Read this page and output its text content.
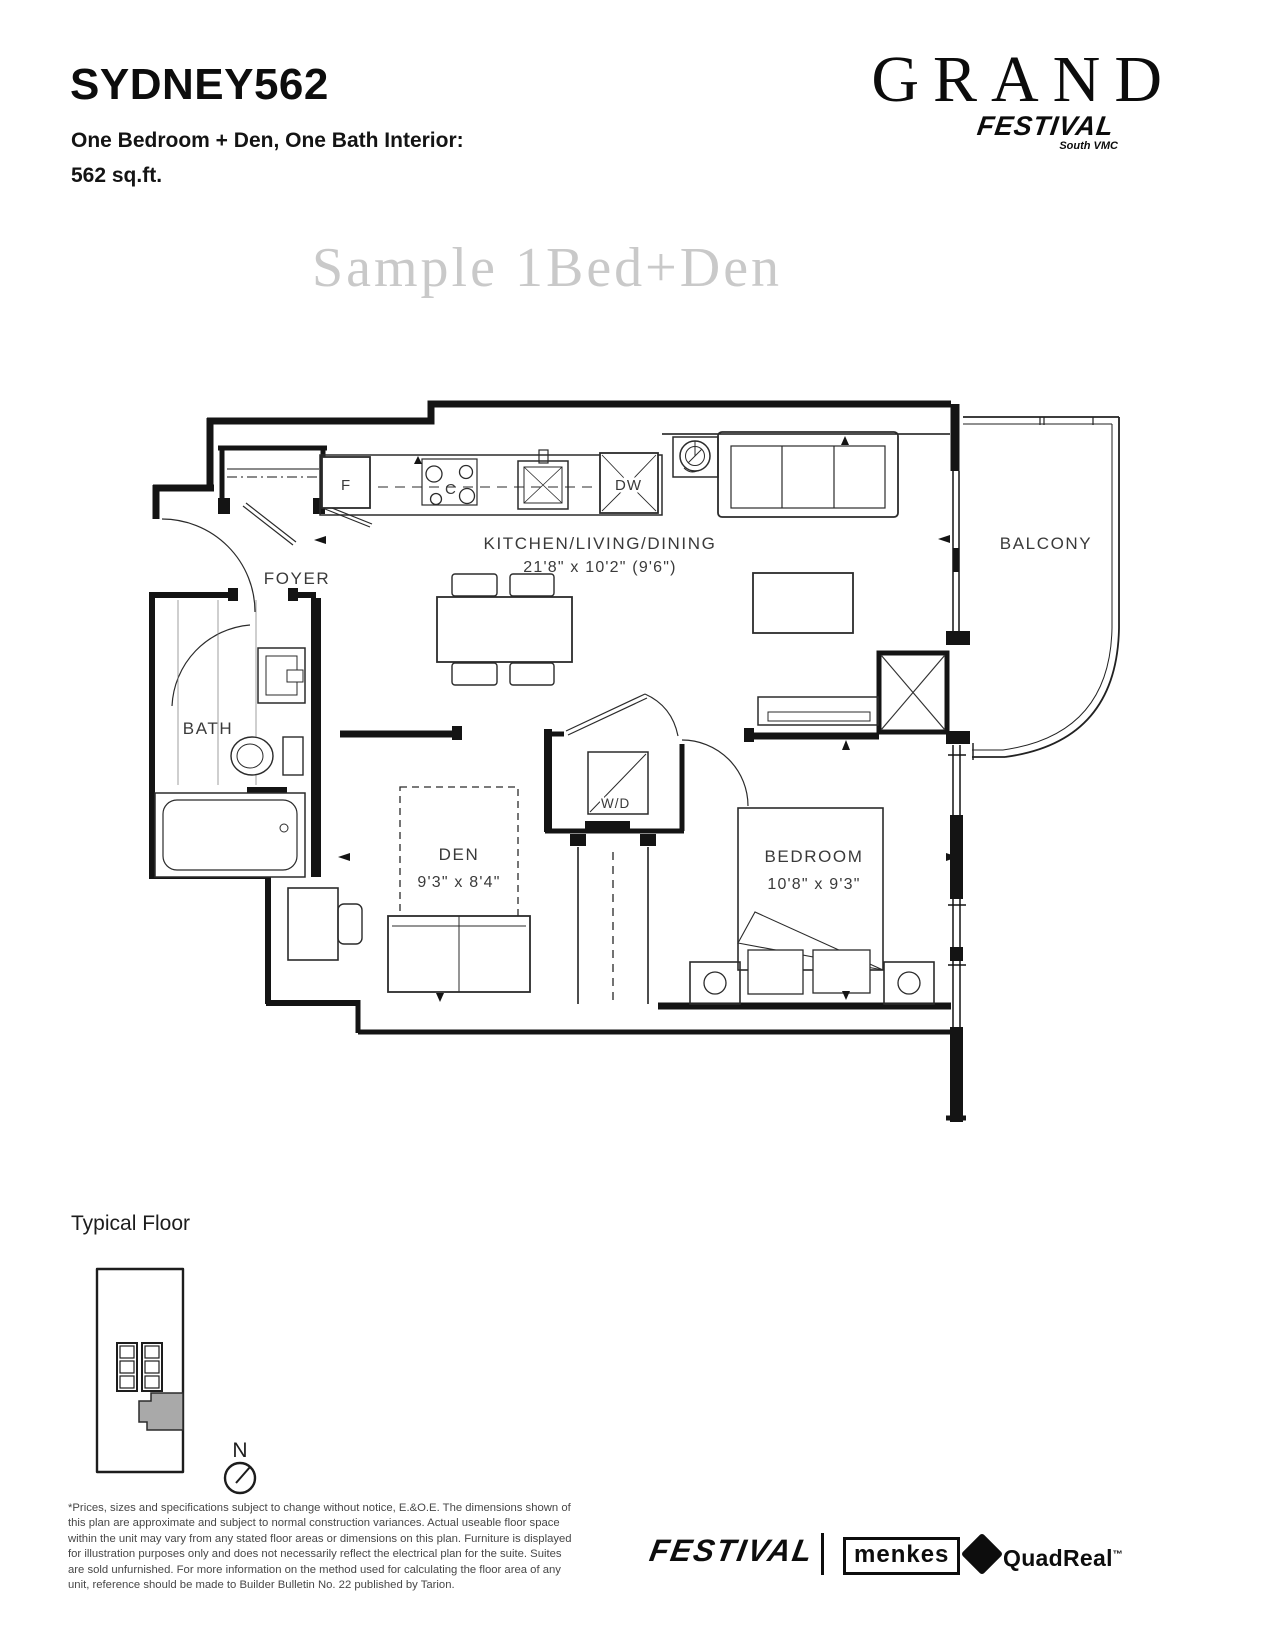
SYDNEY562
One Bedroom + Den, One Bath Interior:
562 sq.ft.
GRAND
FESTIVAL
South VMC
Sample 1Bed+Den
F	C	DW
W/D
FOYER
KITCHEN/LIVING/DINING
21'8" x 10'2" (9'6")
BATH
DEN
9'3" x 8'4"
BEDROOM
10'8" x 9'3"
BALCONY
N
Typical Floor
*Prices, sizes and specifications subject to change without notice, E.&O.E. The dimensions shown of this plan are approximate and subject to normal construction variances. Actual useable floor space within the unit may vary from any stated floor areas or dimensions on this plan. Furniture is displayed for illustration purposes only and does not necessarily reflect the electrical plan for the suite. Suites are sold unfurnished. For more information on the method used for calculating the floor area of any unit, reference should be made to Builder Bulletin No. 22 published by Tarion.
FESTIVAL	menkes	QuadReal™
